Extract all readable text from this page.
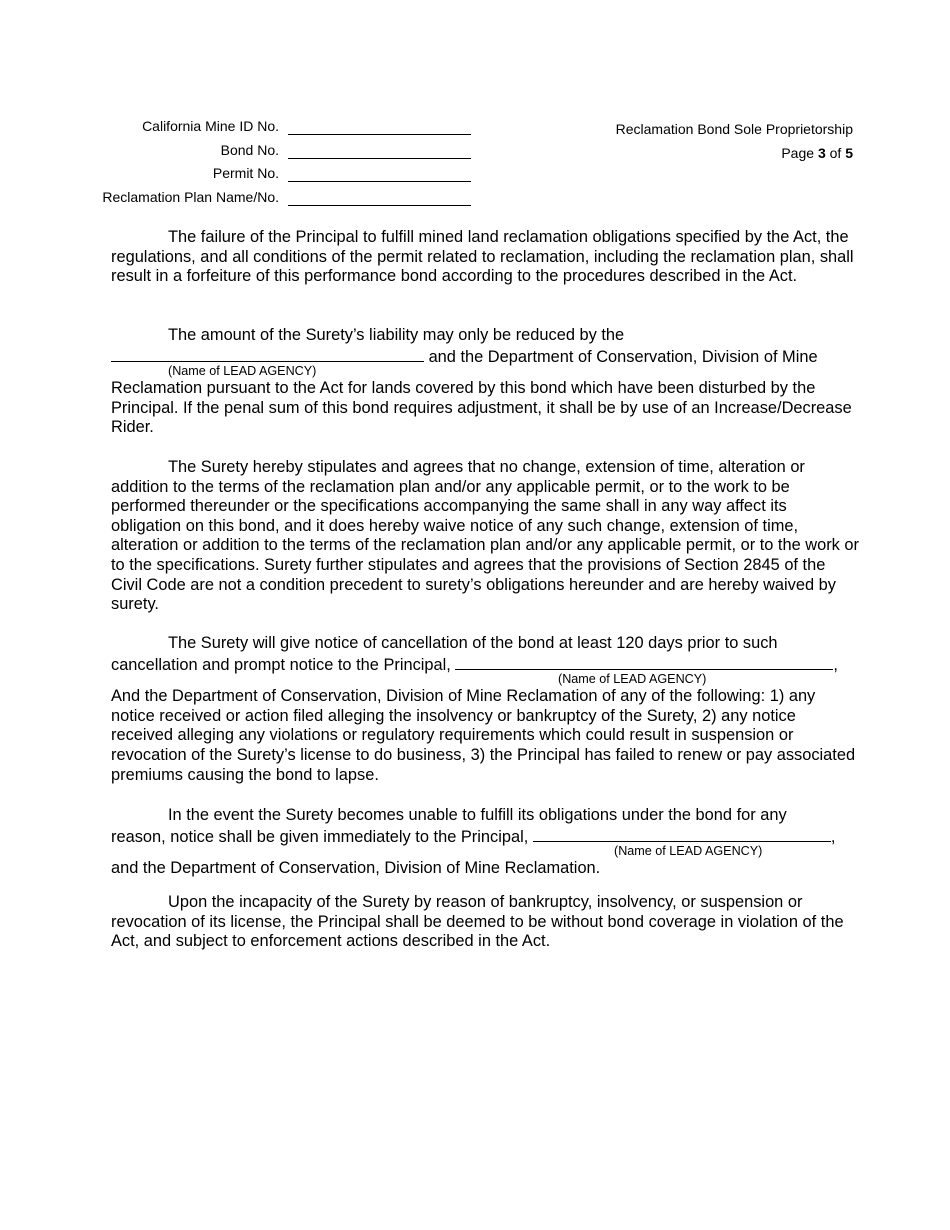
California Mine ID No.
Bond No.
Permit No.
Reclamation Plan Name/No.
Reclamation Bond Sole Proprietorship
Page 3 of 5

The failure of the Principal to fulfill mined land reclamation obligations specified by the Act, the regulations, and all conditions of the permit related to reclamation, including the reclamation plan, shall result in a forfeiture of this performance bond according to the procedures described in the Act.

The amount of the Surety’s liability may only be reduced by the
and the Department of Conservation, Division of Mine
(Name of LEAD AGENCY)

Reclamation pursuant to the Act for lands covered by this bond which have been disturbed by the Principal. If the penal sum of this bond requires adjustment, it shall be by use of an Increase/Decrease Rider.

The Surety hereby stipulates and agrees that no change, extension of time, alteration or addition to the terms of the reclamation plan and/or any applicable permit, or to the work to be performed thereunder or the specifications accompanying the same shall in any way affect its obligation on this bond, and it does hereby waive notice of any such change, extension of time, alteration or addition to the terms of the reclamation plan and/or any applicable permit, or to the work or to the specifications. Surety further stipulates and agrees that the provisions of Section 2845 of the Civil Code are not a condition precedent to surety’s obligations hereunder and are hereby waived by surety.

The Surety will give notice of cancellation of the bond at least 120 days prior to such
cancellation and prompt notice to the Principal,	,
(Name of LEAD AGENCY)

And the Department of Conservation, Division of Mine Reclamation of any of the following: 1) any notice received or action filed alleging the insolvency or bankruptcy of the Surety, 2) any notice received alleging any violations or regulatory requirements which could result in suspension or revocation of the Surety’s license to do business, 3) the Principal has failed to renew or pay associated premiums causing the bond to lapse.

In the event the Surety becomes unable to fulfill its obligations under the bond for any
reason, notice shall be given immediately to the Principal,	,
(Name of LEAD AGENCY)

and the Department of Conservation, Division of Mine Reclamation.

Upon the incapacity of the Surety by reason of bankruptcy, insolvency, or suspension or revocation of its license, the Principal shall be deemed to be without bond coverage in violation of the Act, and subject to enforcement actions described in the Act.
